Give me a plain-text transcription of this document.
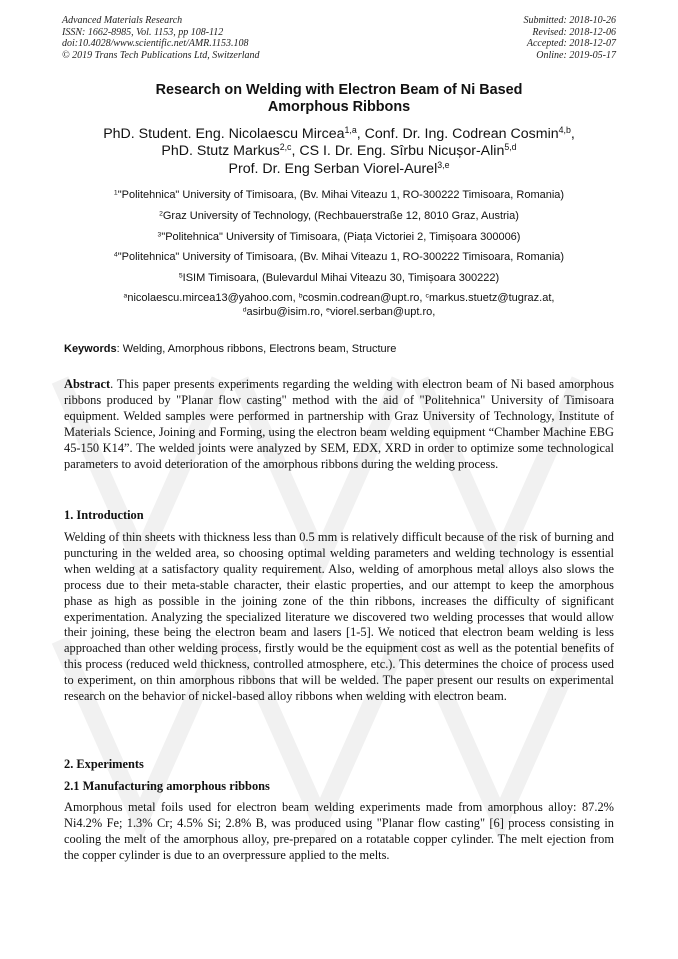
Advanced Materials Research
ISSN: 1662-8985, Vol. 1153, pp 108-112
doi:10.4028/www.scientific.net/AMR.1153.108
© 2019 Trans Tech Publications Ltd, Switzerland
Submitted: 2018-10-26
Revised: 2018-12-06
Accepted: 2018-12-07
Online: 2019-05-17
Research on Welding with Electron Beam of Ni Based
Amorphous Ribbons
PhD. Student. Eng. Nicolaescu Mircea$^{1,a}$, Conf. Dr. Ing. Codrean Cosmin$^{4,b}$,
PhD. Stutz Markus$^{2,c}$, CS I. Dr. Eng. Sîrbu Nicușor-Alin$^{5,d}$
Prof. Dr. Eng Serban Viorel-Aurel$^{3,e}$
$^1$"Politehnica" University of Timisoara, (Bv. Mihai Viteazu 1, RO-300222 Timisoara, Romania)
$^2$Graz University of Technology, (Rechbauerstraße 12, 8010 Graz, Austria)
$^3$"Politehnica" University of Timisoara, (Piața Victoriei 2, Timișoara 300006)
$^4$"Politehnica" University of Timisoara, (Bv. Mihai Viteazu 1, RO-300222 Timisoara, Romania)
$^5$ISIM Timisoara, (Bulevardul Mihai Viteazu 30, Timișoara 300222)
$^a$nicolaescu.mircea13@yahoo.com, $^b$cosmin.codrean@upt.ro, $^c$markus.stuetz@tugraz.at,
$^d$asirbu@isim.ro, $^e$viorel.serban@upt.ro,
Keywords: Welding, Amorphous ribbons, Electrons beam, Structure
Abstract. This paper presents experiments regarding the welding with electron beam of Ni based amorphous ribbons produced by "Planar flow casting" method with the aid of "Politehnica" University of Timisoara equipment. Welded samples were performed in partnership with Graz University of Technology, Institute of Materials Science, Joining and Forming, using the electron beam welding equipment “Chamber Machine EBG 45-150 K14”. The welded joints were analyzed by SEM, EDX, XRD in order to optimize some technological parameters to avoid deterioration of the amorphous ribbons during the welding process.
1. Introduction
Welding of thin sheets with thickness less than 0.5 mm is relatively difficult because of the risk of burning and puncturing in the welded area, so choosing optimal welding parameters and welding technology is essential when welding at a satisfactory quality requirement. Also, welding of amorphous metal alloys also slows the process due to their meta-stable character, their elastic properties, and our attempt to keep the amorphous phase as high as possible in the joining zone of the thin ribbons, increases the difficulty of significant experimentation. Analyzing the specialized literature we discovered two welding processes that would allow their joining, these being the electron beam and lasers [1-5]. We noticed that electron beam welding is less approached than other welding process, firstly would be the equipment cost as well as the potential benefits of this process (reduced weld thickness, controlled atmosphere, etc.). This determines the choice of process used to experiment, on thin amorphous ribbons that will be welded. The paper present our results on experimental research on the behavior of nickel-based alloy ribbons when welding with electron beam.
2. Experiments
2.1 Manufacturing amorphous ribbons
Amorphous metal foils used for electron beam welding experiments made from amorphous alloy: 87.2% Ni4.2% Fe; 1.3% Cr; 4.5% Si; 2.8% B, was produced using "Planar flow casting" [6] process consisting in cooling the melt of the amorphous alloy, pre-prepared on a rotatable copper cylinder. The melt ejection from the copper cylinder is due to an overpressure applied to the melts.
